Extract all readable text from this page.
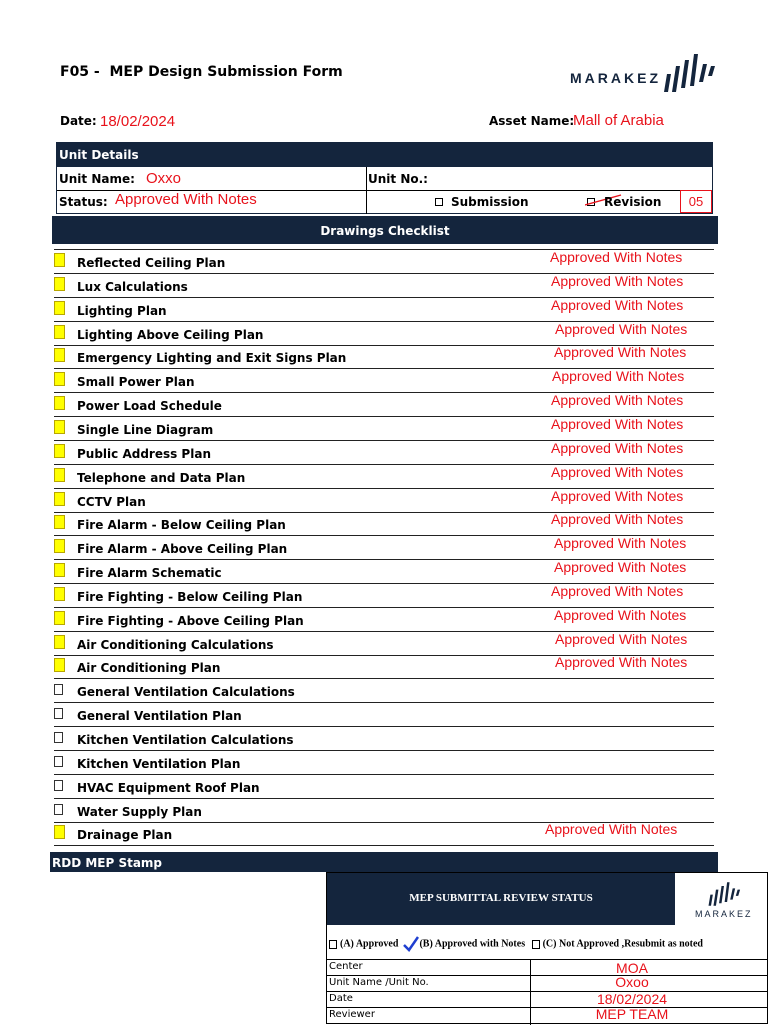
F05 -  MEP Design Submission Form	MARAKEZ
Date: 18/02/2024	Asset Name:
Mall of Arabia
Unit Details
Unit Name: Oxxo	Unit No.:
Status: Approved With Notes	Submission	Revision	05
Drawings Checklist
Reflected Ceiling Plan	Approved With Notes
Lux Calculations	Approved With Notes
Lighting Plan	Approved With Notes
Lighting Above Ceiling Plan	Approved With Notes
Emergency Lighting and Exit Signs Plan	Approved With Notes
Small Power Plan	Approved With Notes
Power Load Schedule	Approved With Notes
Single Line Diagram	Approved With Notes
Public Address Plan	Approved With Notes
Telephone and Data Plan	Approved With Notes
CCTV Plan	Approved With Notes
Fire Alarm - Below Ceiling Plan	Approved With Notes
Fire Alarm - Above Ceiling Plan	Approved With Notes
Fire Alarm Schematic	Approved With Notes
Fire Fighting - Below Ceiling Plan	Approved With Notes
Fire Fighting - Above Ceiling Plan	Approved With Notes
Air Conditioning Calculations	Approved With Notes
Air Conditioning Plan	Approved With Notes
General Ventilation Calculations
General Ventilation Plan
Kitchen Ventilation Calculations
Kitchen Ventilation Plan
HVAC Equipment Roof Plan
Water Supply Plan
Drainage Plan	Approved With Notes
RDD MEP Stamp
MEP SUBMITTAL REVIEW STATUS
MARAKEZ
(A) Approved (B) Approved with Notes (C) Not Approved ,Resubmit as noted
Center	MOA
Unit Name /Unit No.	Oxoo
Date	18/02/2024
Reviewer	MEP TEAM
